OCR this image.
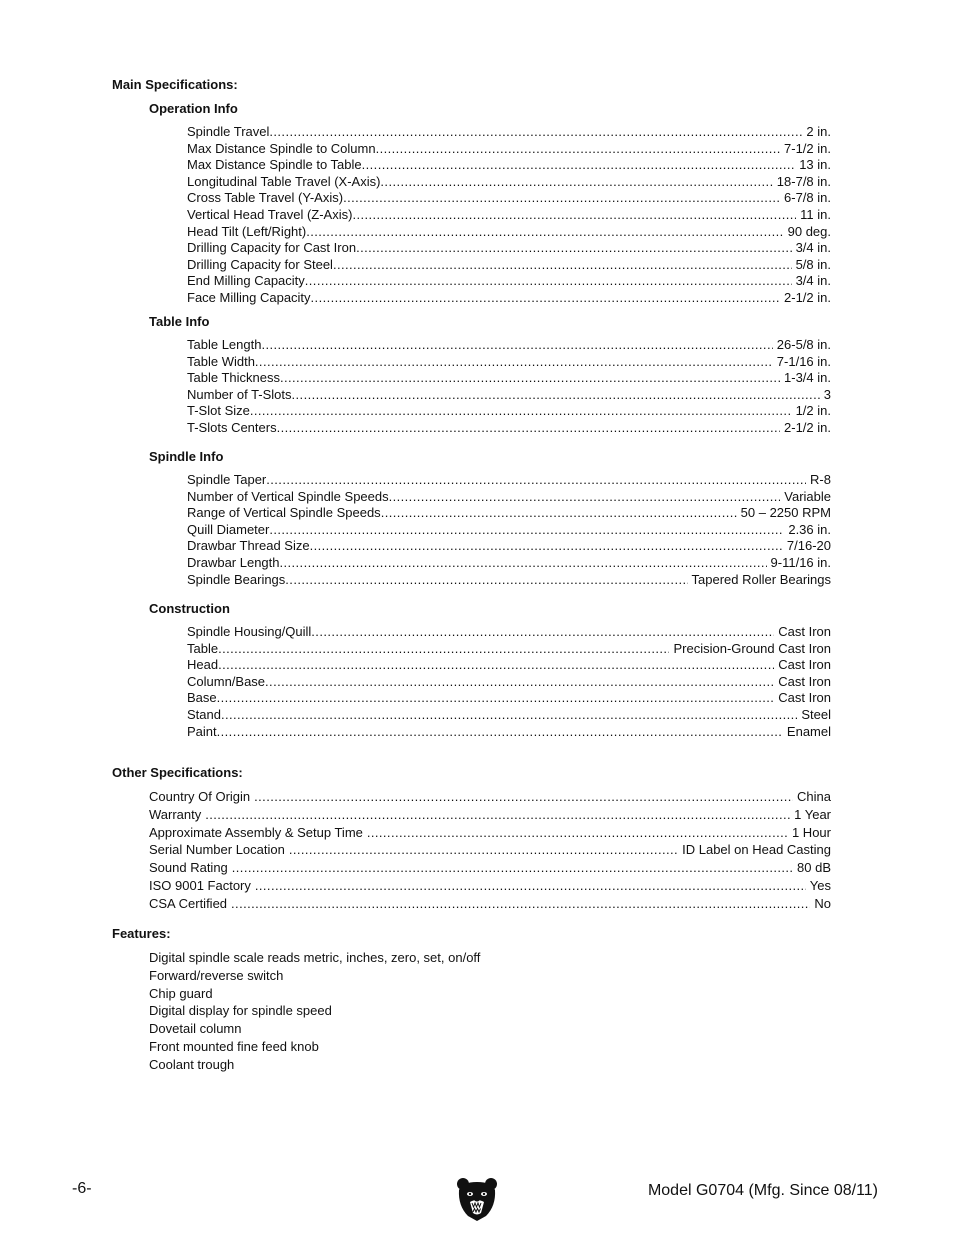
Main Specifications:
Operation Info
Spindle Travel .....	2 in.
Max Distance Spindle to Column .....	7-1/2 in.
Max Distance Spindle to Table .....	13 in.
Longitudinal Table Travel (X-Axis) .....	18-7/8 in.
Cross Table Travel (Y-Axis) .....	6-7/8 in.
Vertical Head Travel (Z-Axis) .....	11 in.
Head Tilt (Left/Right) .....	90 deg.
Drilling Capacity for Cast Iron .....	3/4 in.
Drilling Capacity for Steel .....	5/8 in.
End Milling Capacity .....	3/4 in.
Face Milling Capacity .....	2-1/2 in.
Table Info
Table Length .....	26-5/8 in.
Table Width .....	7-1/16 in.
Table Thickness .....	1-3/4 in.
Number of T-Slots .....	3
T-Slot Size .....	1/2 in.
T-Slots Centers .....	2-1/2 in.
Spindle Info
Spindle Taper .....	R-8
Number of Vertical Spindle Speeds .....	Variable
Range of Vertical Spindle Speeds .....	50 – 2250 RPM
Quill Diameter .....	2.36 in.
Drawbar Thread Size .....	7/16-20
Drawbar Length .....	9-11/16 in.
Spindle Bearings .....	Tapered Roller Bearings
Construction
Spindle Housing/Quill .....	Cast Iron
Table .....	Precision-Ground Cast Iron
Head .....	Cast Iron
Column/Base .....	Cast Iron
Base .....	Cast Iron
Stand .....	Steel
Paint .....	Enamel
Other Specifications:
Country Of Origin .....	China
Warranty .....	1 Year
Approximate Assembly & Setup Time .....	1 Hour
Serial Number Location .....	ID Label on Head Casting
Sound Rating .....	80 dB
ISO 9001 Factory .....	Yes
CSA Certified .....	No
Features:
Digital spindle scale reads metric, inches, zero, set, on/off
Forward/reverse switch
Chip guard
Digital display for spindle speed
Dovetail column
Front mounted fine feed knob
Coolant trough
-6-	Model G0704 (Mfg. Since 08/11)
